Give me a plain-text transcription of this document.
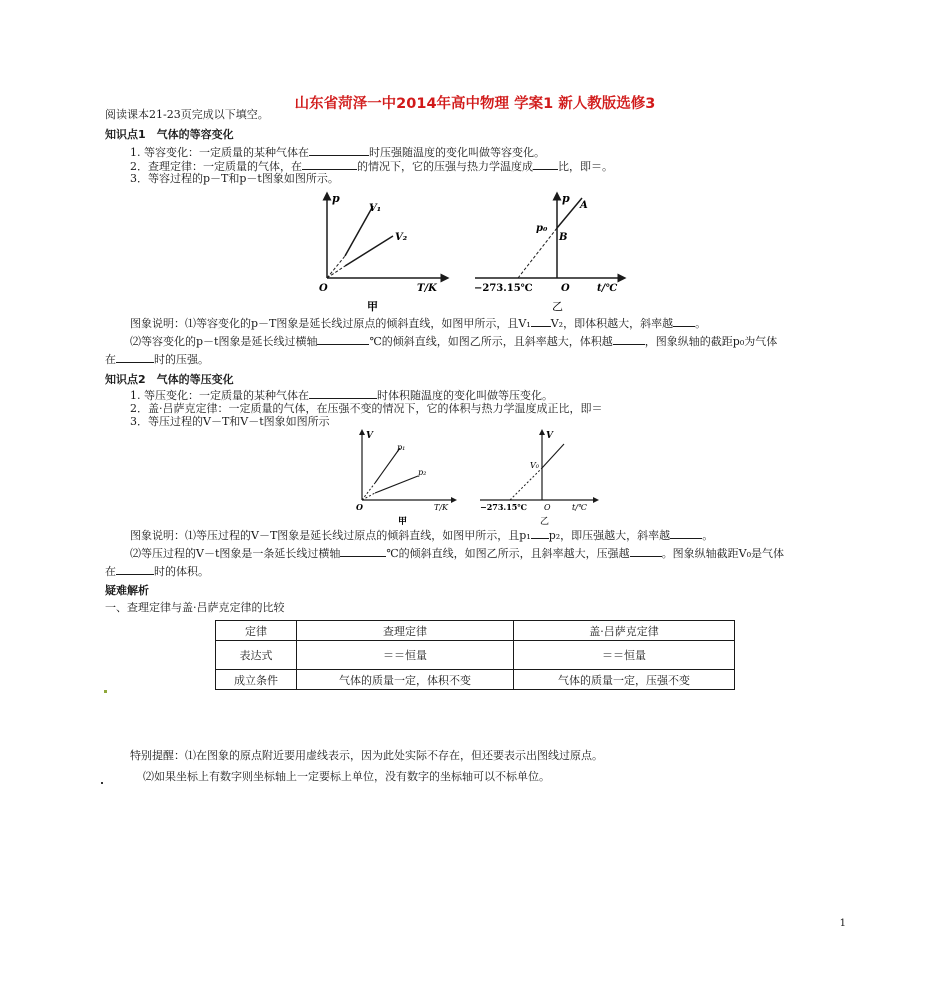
山东省菏泽一中2014年高中物理 学案1 新人教版选修3
阅读课本21-23页完成以下填空。
知识点1　气体的等容变化
1. 等容变化：一定质量的某种气体在	时压强随温度的变化叫做等容变化。
2．查理定律：一定质量的气体，在	的情况下，它的压强与热力学温度成 比，即＝。
3．等容过程的p－T和p－t图象如图所示。
p
T/K
O
V₁
V₂
甲
p
A
p₀
B
−273.15℃	O	t/℃
乙
图象说明：⑴等容变化的p－T图象是延长线过原点的倾斜直线，如图甲所示，且V₁ V₂，即体积越大，斜率越 。
⑵等容变化的p－t图象是延长线过横轴	℃的倾斜直线，如图乙所示，且斜率越大，体积越	，图象纵轴的截距p₀为气体
在	时的压强。
知识点2　气体的等压变化
1. 等压变化：一定质量的某种气体在	时体积随温度的变化叫做等压变化。
2．盖·吕萨克定律：一定质量的气体，在压强不变的情况下，它的体积与热力学温度成正比，即＝
3．等压过程的V－T和V－t图象如图所示
V
p₁
p₂
O	T/K
甲
V
V₀
−273.15℃ O	t/℃
乙
图象说明：⑴等压过程的V－T图象是延长线过原点的倾斜直线，如图甲所示，且p₁ p₂，即压强越大，斜率越	。
⑵等压过程的V－t图象是一条延长线过横轴	℃的倾斜直线，如图乙所示，且斜率越大，压强越	。图象纵轴截距V₀是气体
在	时的体积。
疑难解析
一、查理定律与盖·吕萨克定律的比较
定律	查理定律	盖·吕萨克定律
表达式	＝＝恒量	＝＝恒量
成立条件	气体的质量一定，体积不变	气体的质量一定，压强不变
特别提醒：⑴在图象的原点附近要用虚线表示，因为此处实际不存在，但还要表示出图线过原点。
⑵如果坐标上有数字则坐标轴上一定要标上单位，没有数字的坐标轴可以不标单位。
1
